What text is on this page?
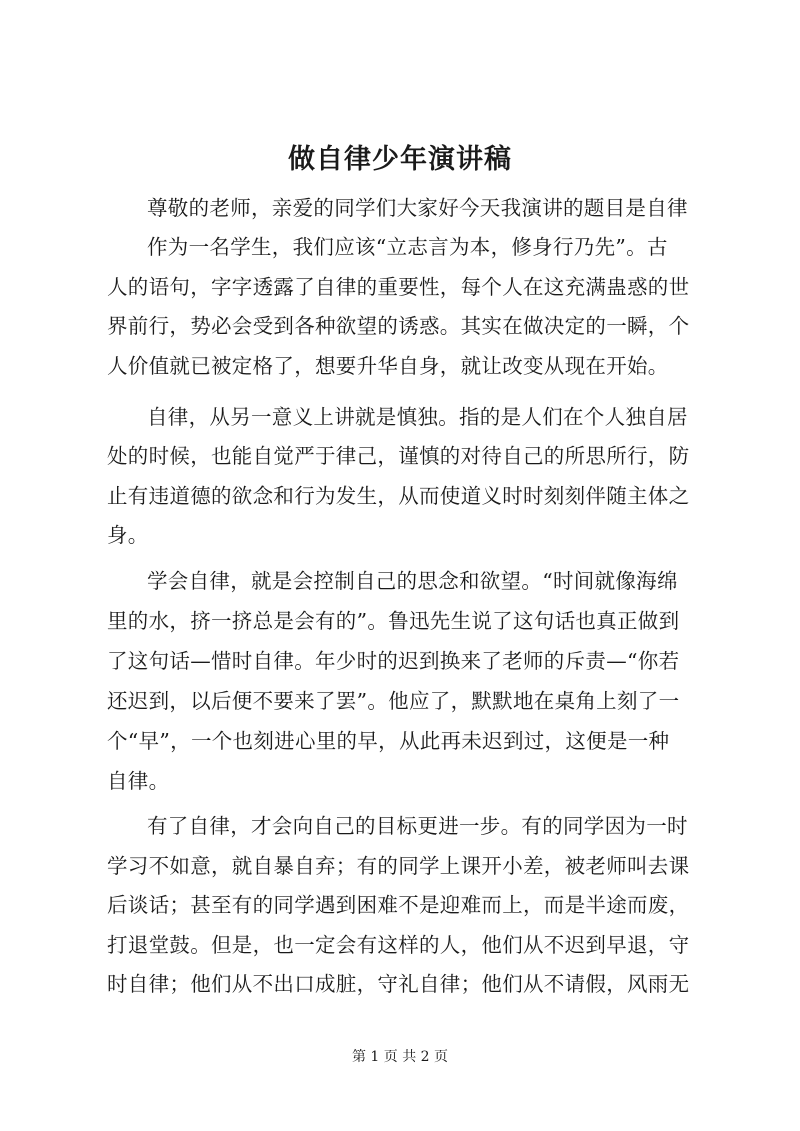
做自律少年演讲稿
尊敬的老师，亲爱的同学们大家好今天我演讲的题目是自律
作为一名学生，我们应该“立志言为本，修身行乃先”。古
人的语句，字字透露了自律的重要性，每个人在这充满蛊惑的世
界前行，势必会受到各种欲望的诱惑。其实在做决定的一瞬，个
人价值就已被定格了，想要升华自身，就让改变从现在开始。
自律，从另一意义上讲就是慎独。指的是人们在个人独自居
处的时候，也能自觉严于律己，谨慎的对待自己的所思所行，防
止有违道德的欲念和行为发生，从而使道义时时刻刻伴随主体之
身。
学会自律，就是会控制自己的思念和欲望。“时间就像海绵
里的水，挤一挤总是会有的”。鲁迅先生说了这句话也真正做到
了这句话—惜时自律。年少时的迟到换来了老师的斥责—“你若
还迟到，以后便不要来了罢”。他应了，默默地在桌角上刻了一
个“早”，一个也刻进心里的早，从此再未迟到过，这便是一种
自律。
有了自律，才会向自己的目标更进一步。有的同学因为一时
学习不如意，就自暴自弃；有的同学上课开小差，被老师叫去课
后谈话；甚至有的同学遇到困难不是迎难而上，而是半途而废，
打退堂鼓。但是，也一定会有这样的人，他们从不迟到早退，守
时自律；他们从不出口成脏，守礼自律；他们从不请假，风雨无
第 1 页 共 2 页
